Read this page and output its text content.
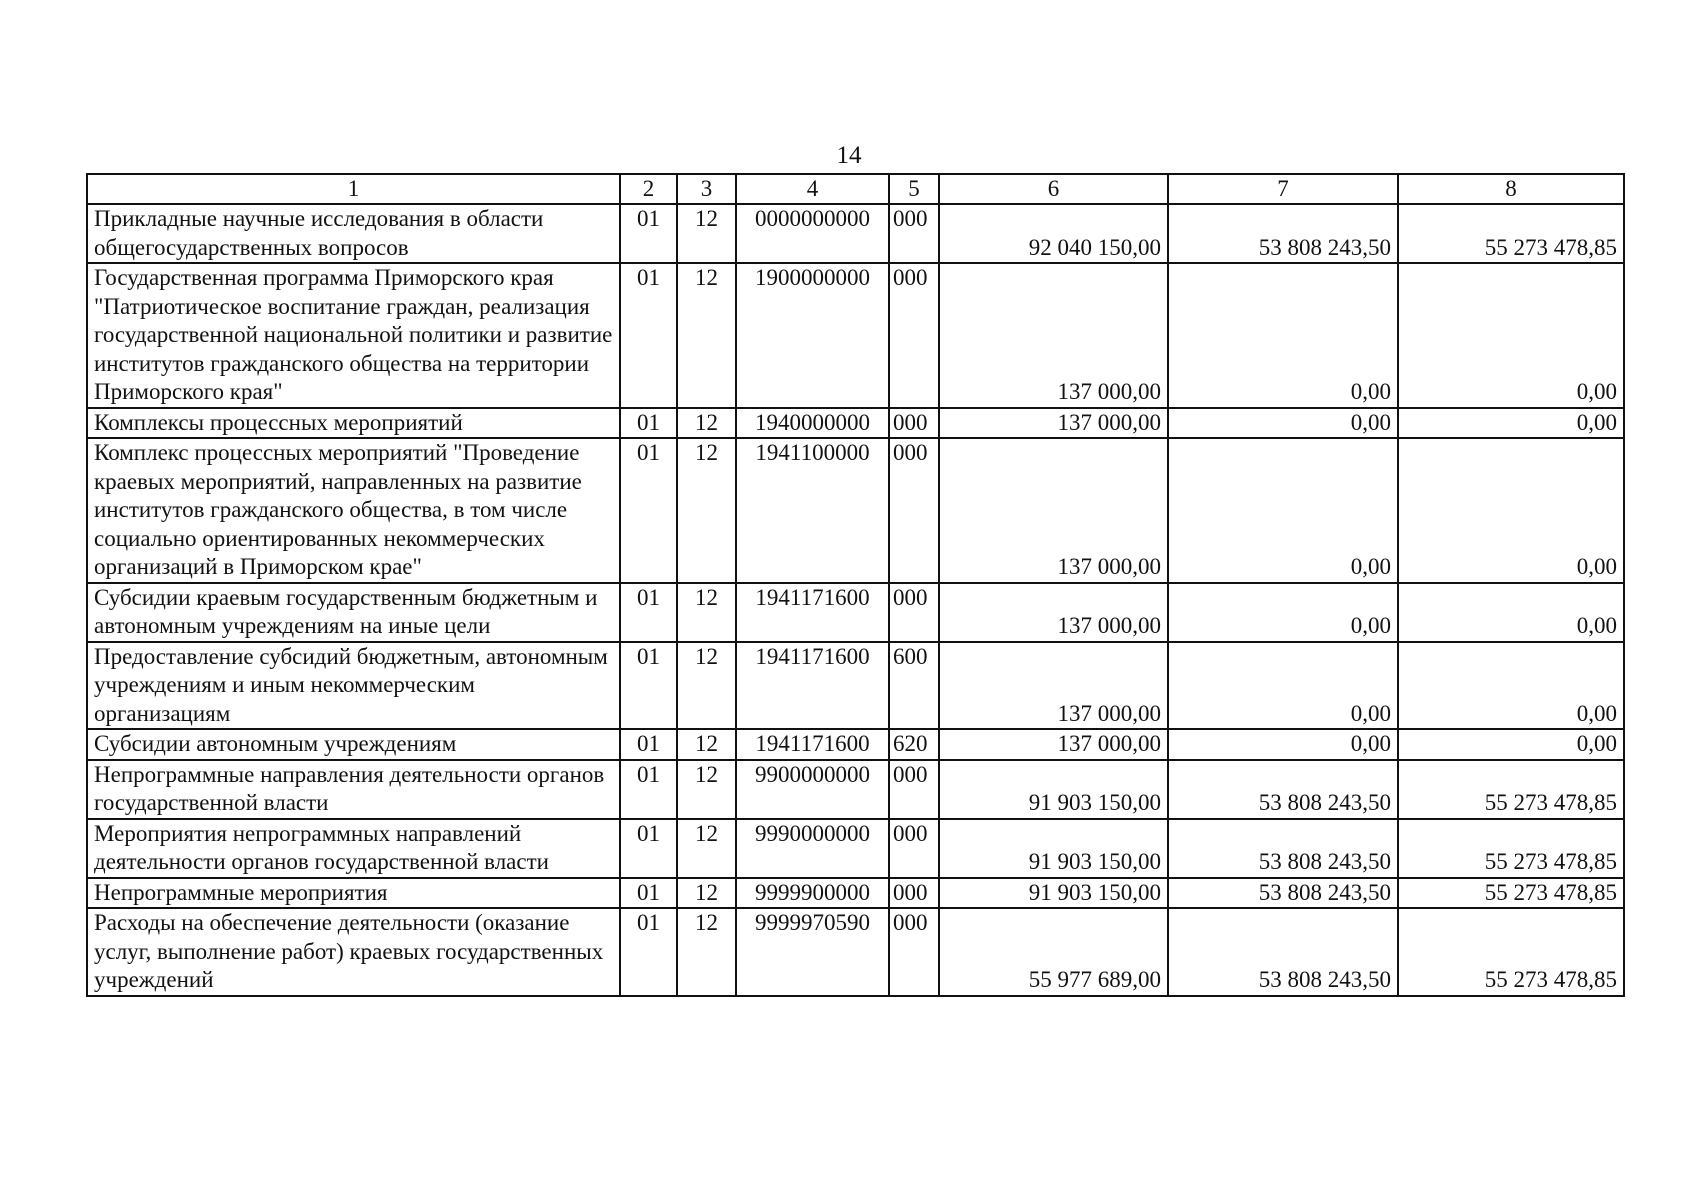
14
1	2	3	4	5	6	7	8
Прикладные научные исследования в области общегосударственных вопросов	01	12	0000000000	000	92 040 150,00	53 808 243,50	55 273 478,85
Государственная программа Приморского края "Патриотическое воспитание граждан, реализация государственной национальной политики и развитие институтов гражданского общества на территории Приморского края"	01	12	1900000000	000	137 000,00	0,00	0,00
Комплексы процессных мероприятий	01	12	1940000000	000	137 000,00	0,00	0,00
Комплекс процессных мероприятий "Проведение краевых мероприятий, направленных на развитие институтов гражданского общества, в том числе социально ориентированных некоммерческих организаций в Приморском крае"	01	12	1941100000	000	137 000,00	0,00	0,00
Субсидии краевым государственным бюджетным и автономным учреждениям на иные цели	01	12	1941171600	000	137 000,00	0,00	0,00
Предоставление субсидий бюджетным, автономным учреждениям и иным некоммерческим организациям	01	12	1941171600	600	137 000,00	0,00	0,00
Субсидии автономным учреждениям	01	12	1941171600	620	137 000,00	0,00	0,00
Непрограммные направления деятельности органов государственной власти	01	12	9900000000	000	91 903 150,00	53 808 243,50	55 273 478,85
Мероприятия непрограммных направлений деятельности органов государственной власти	01	12	9990000000	000	91 903 150,00	53 808 243,50	55 273 478,85
Непрограммные мероприятия	01	12	9999900000	000	91 903 150,00	53 808 243,50	55 273 478,85
Расходы на обеспечение деятельности (оказание услуг, выполнение работ) краевых государственных учреждений	01	12	9999970590	000	55 977 689,00	53 808 243,50	55 273 478,85
